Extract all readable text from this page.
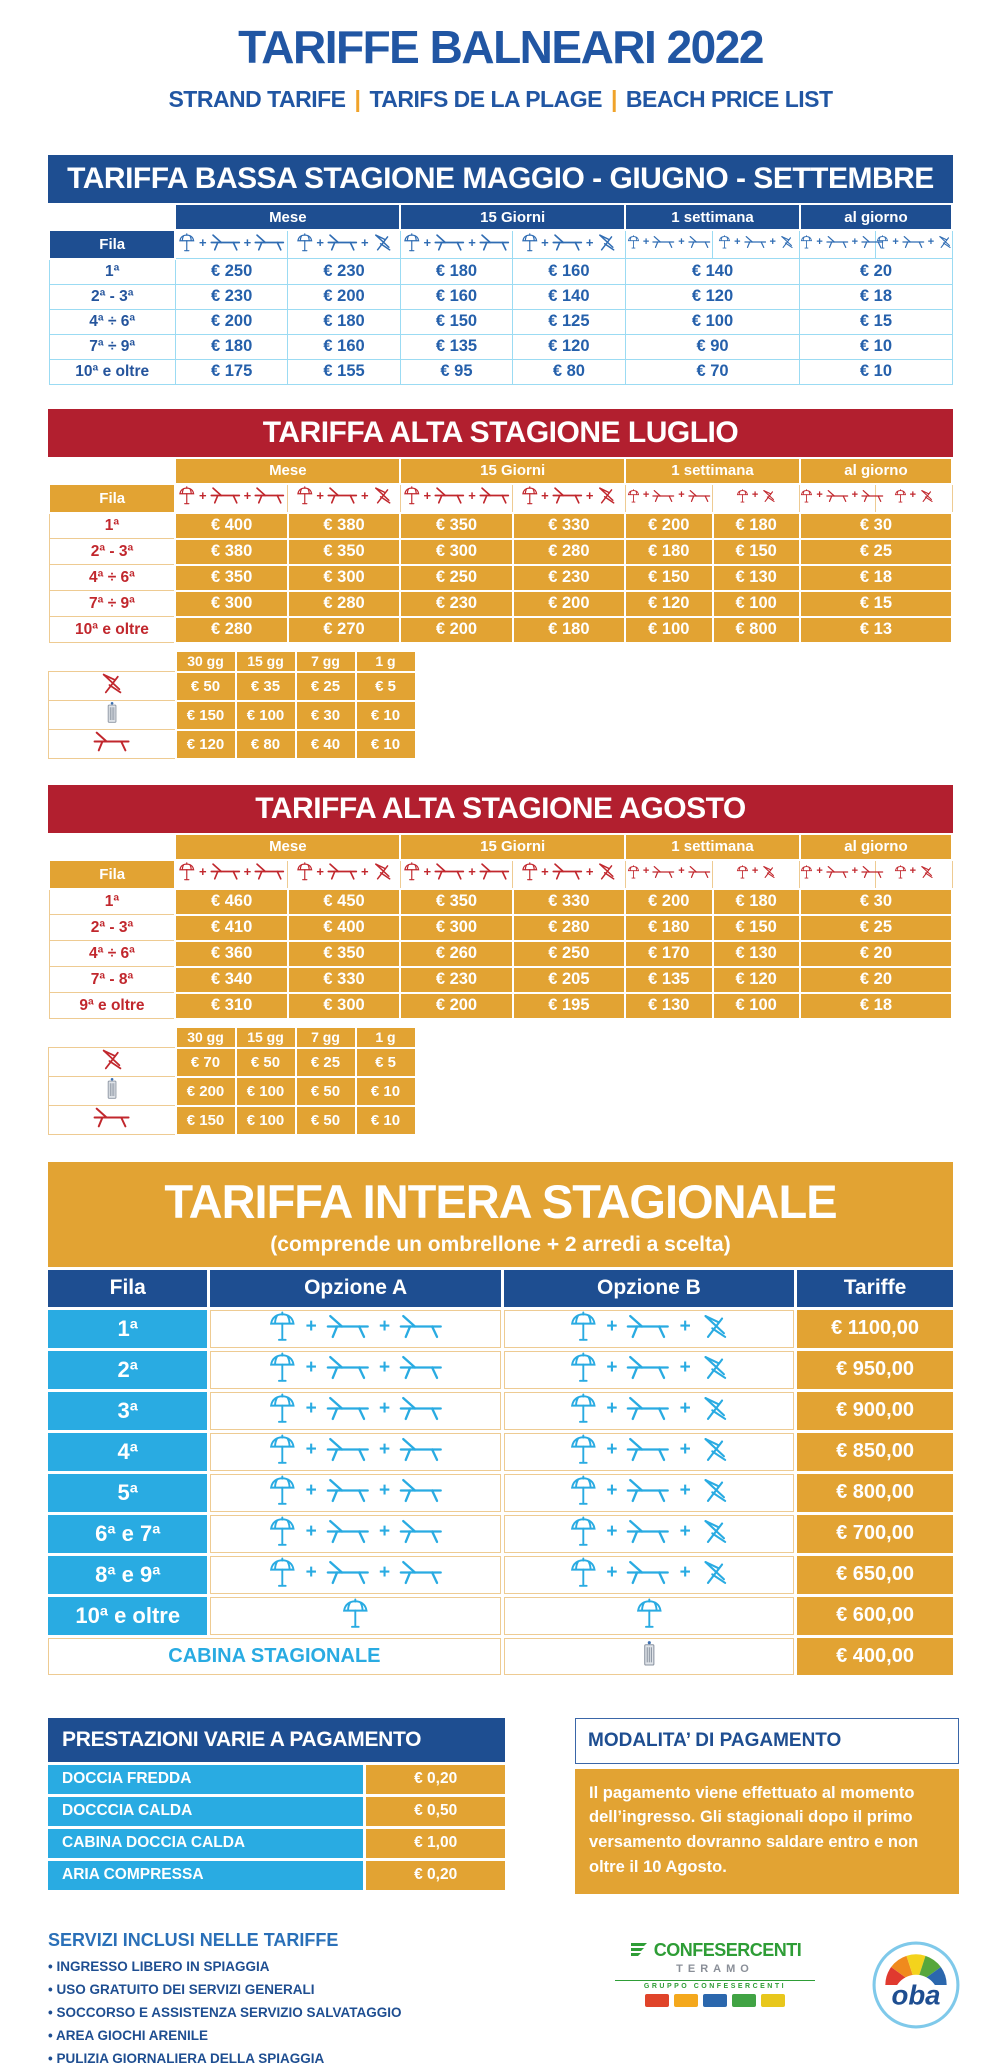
TARIFFE BALNEARI 2022
STRAND TARIFE | TARIFS DE LA PLAGE | BEACH PRICE LIST
TARIFFA BASSA STAGIONE MAGGIO - GIUGNO - SETTEMBRE
	Mese		15 Giorni		1 settimana		al giorno	
Fila	+ +	+ +	+ +	+ +	+ +	+ +	+ +	+ +

1ª	€ 250	€ 230	€ 180	€ 160	€ 140		€ 20	
2ª - 3ª	€ 230	€ 200	€ 160	€ 140	€ 120		€ 18	
4ª ÷ 6ª	€ 200	€ 180	€ 150	€ 125	€ 100		€ 15	
7ª ÷ 9ª	€ 180	€ 160	€ 135	€ 120	€ 90		€ 10	
10ª e oltre	€ 175	€ 155	€ 95	€ 80	€ 70		€ 10	
TARIFFA ALTA STAGIONE LUGLIO
	Mese		15 Giorni		1 settimana		al giorno	
Fila	+ +	+ +	+ +	+ +	+ +	+	+ +	+

1ª	€ 400	€ 380	€ 350	€ 330	€ 200	€ 180	€ 30	
2ª - 3ª	€ 380	€ 350	€ 300	€ 280	€ 180	€ 150	€ 25	
4ª ÷ 6ª	€ 350	€ 300	€ 250	€ 230	€ 150	€ 130	€ 18	
7ª ÷ 9ª	€ 300	€ 280	€ 230	€ 200	€ 120	€ 100	€ 15	
10ª e oltre	€ 280	€ 270	€ 200	€ 180	€ 100	€ 800	€ 13	
	30 gg	15 gg	7 gg	1 g

	€ 50	€ 35	€ 25	€ 5

	€ 150	€ 100	€ 30	€ 10

	€ 120	€ 80	€ 40	€ 10
TARIFFA ALTA STAGIONE AGOSTO
	Mese		15 Giorni		1 settimana		al giorno	
Fila	+ +	+ +	+ +	+ +	+ +	+	+ +	+

1ª	€ 460	€ 450	€ 350	€ 330	€ 200	€ 180	€ 30	
2ª - 3ª	€ 410	€ 400	€ 300	€ 280	€ 180	€ 150	€ 25	
4ª ÷ 6ª	€ 360	€ 350	€ 260	€ 250	€ 170	€ 130	€ 20	
7ª - 8ª	€ 340	€ 330	€ 230	€ 205	€ 135	€ 120	€ 20	
9ª e oltre	€ 310	€ 300	€ 200	€ 195	€ 130	€ 100	€ 18	
	30 gg	15 gg	7 gg	1 g

	€ 70	€ 50	€ 25	€ 5

	€ 200	€ 100	€ 50	€ 10

	€ 150	€ 100	€ 50	€ 10
TARIFFA INTERA STAGIONALE
(comprende un ombrellone + 2 arredi a scelta)
Fila	Opzione A	Opzione B	Tariffe
1ª	+ +	+ +	€ 1100,00
2ª	+ +	+ +	€ 950,00
3ª	+ +	+ +	€ 900,00
4ª	+ +	+ +	€ 850,00
5ª	+ +	+ +	€ 800,00
6ª e 7ª	+ +	+ +	€ 700,00
8ª e 9ª	+ +	+ +	€ 650,00
10ª e oltre			€ 600,00
CABINA STAGIONALE			€ 400,00
PRESTAZIONI VARIE A PAGAMENTO
DOCCIA FREDDA	€ 0,20
DOCCCIA CALDA	€ 0,50
CABINA DOCCIA CALDA	€ 1,00
ARIA COMPRESSA	€ 0,20
MODALITA’ DI PAGAMENTO
Il pagamento viene effettuato al momento dell’ingresso. Gli stagionali dopo il primo versamento dovranno saldare entro e non oltre il 10 Agosto.
SERVIZI INCLUSI NELLE TARIFFE
• INGRESSO LIBERO IN SPIAGGIA
• USO GRATUITO DEI SERVIZI GENERALI
• SOCCORSO E ASSISTENZA SERVIZIO SALVATAGGIO
• AREA GIOCHI ARENILE
• PULIZIA GIORNALIERA DELLA SPIAGGIA
CONFESERCENTI
TERAMO
GRUPPO CONFESERCENTI	oba
